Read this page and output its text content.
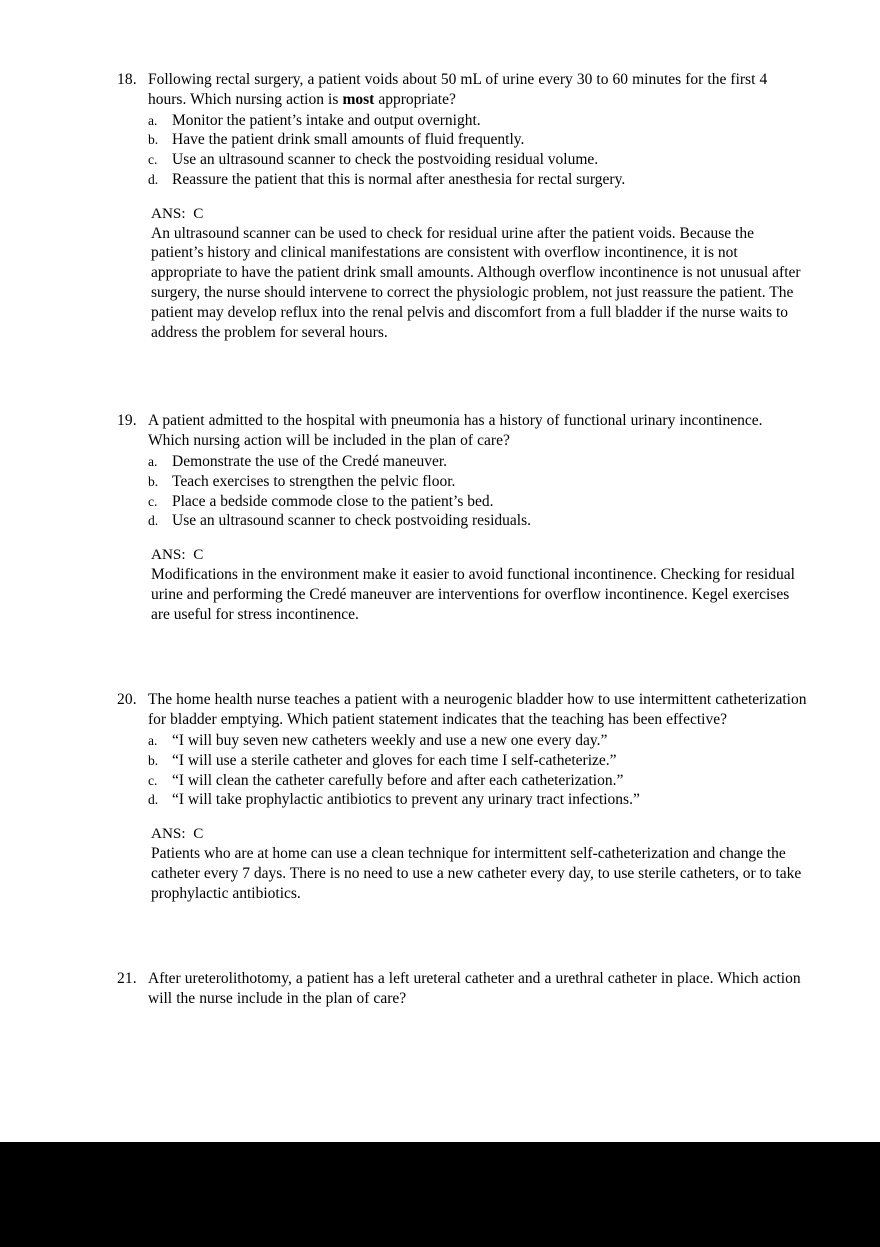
18. Following rectal surgery, a patient voids about 50 mL of urine every 30 to 60 minutes for the first 4 hours. Which nursing action is most appropriate?
a. Monitor the patient’s intake and output overnight.
b. Have the patient drink small amounts of fluid frequently.
c. Use an ultrasound scanner to check the postvoiding residual volume.
d. Reassure the patient that this is normal after anesthesia for rectal surgery.
ANS:  C
An ultrasound scanner can be used to check for residual urine after the patient voids. Because the patient’s history and clinical manifestations are consistent with overflow incontinence, it is not appropriate to have the patient drink small amounts. Although overflow incontinence is not unusual after surgery, the nurse should intervene to correct the physiologic problem, not just reassure the patient. The patient may develop reflux into the renal pelvis and discomfort from a full bladder if the nurse waits to address the problem for several hours.
19. A patient admitted to the hospital with pneumonia has a history of functional urinary incontinence. Which nursing action will be included in the plan of care?
a. Demonstrate the use of the Credé maneuver.
b. Teach exercises to strengthen the pelvic floor.
c. Place a bedside commode close to the patient’s bed.
d. Use an ultrasound scanner to check postvoiding residuals.
ANS:  C
Modifications in the environment make it easier to avoid functional incontinence. Checking for residual urine and performing the Credé maneuver are interventions for overflow incontinence. Kegel exercises are useful for stress incontinence.
20. The home health nurse teaches a patient with a neurogenic bladder how to use intermittent catheterization for bladder emptying. Which patient statement indicates that the teaching has been effective?
a. “I will buy seven new catheters weekly and use a new one every day.”
b. “I will use a sterile catheter and gloves for each time I self-catheterize.”
c. “I will clean the catheter carefully before and after each catheterization.”
d. “I will take prophylactic antibiotics to prevent any urinary tract infections.”
ANS:  C
Patients who are at home can use a clean technique for intermittent self-catheterization and change the catheter every 7 days. There is no need to use a new catheter every day, to use sterile catheters, or to take prophylactic antibiotics.
21. After ureterolithotomy, a patient has a left ureteral catheter and a urethral catheter in place. Which action will the nurse include in the plan of care?
